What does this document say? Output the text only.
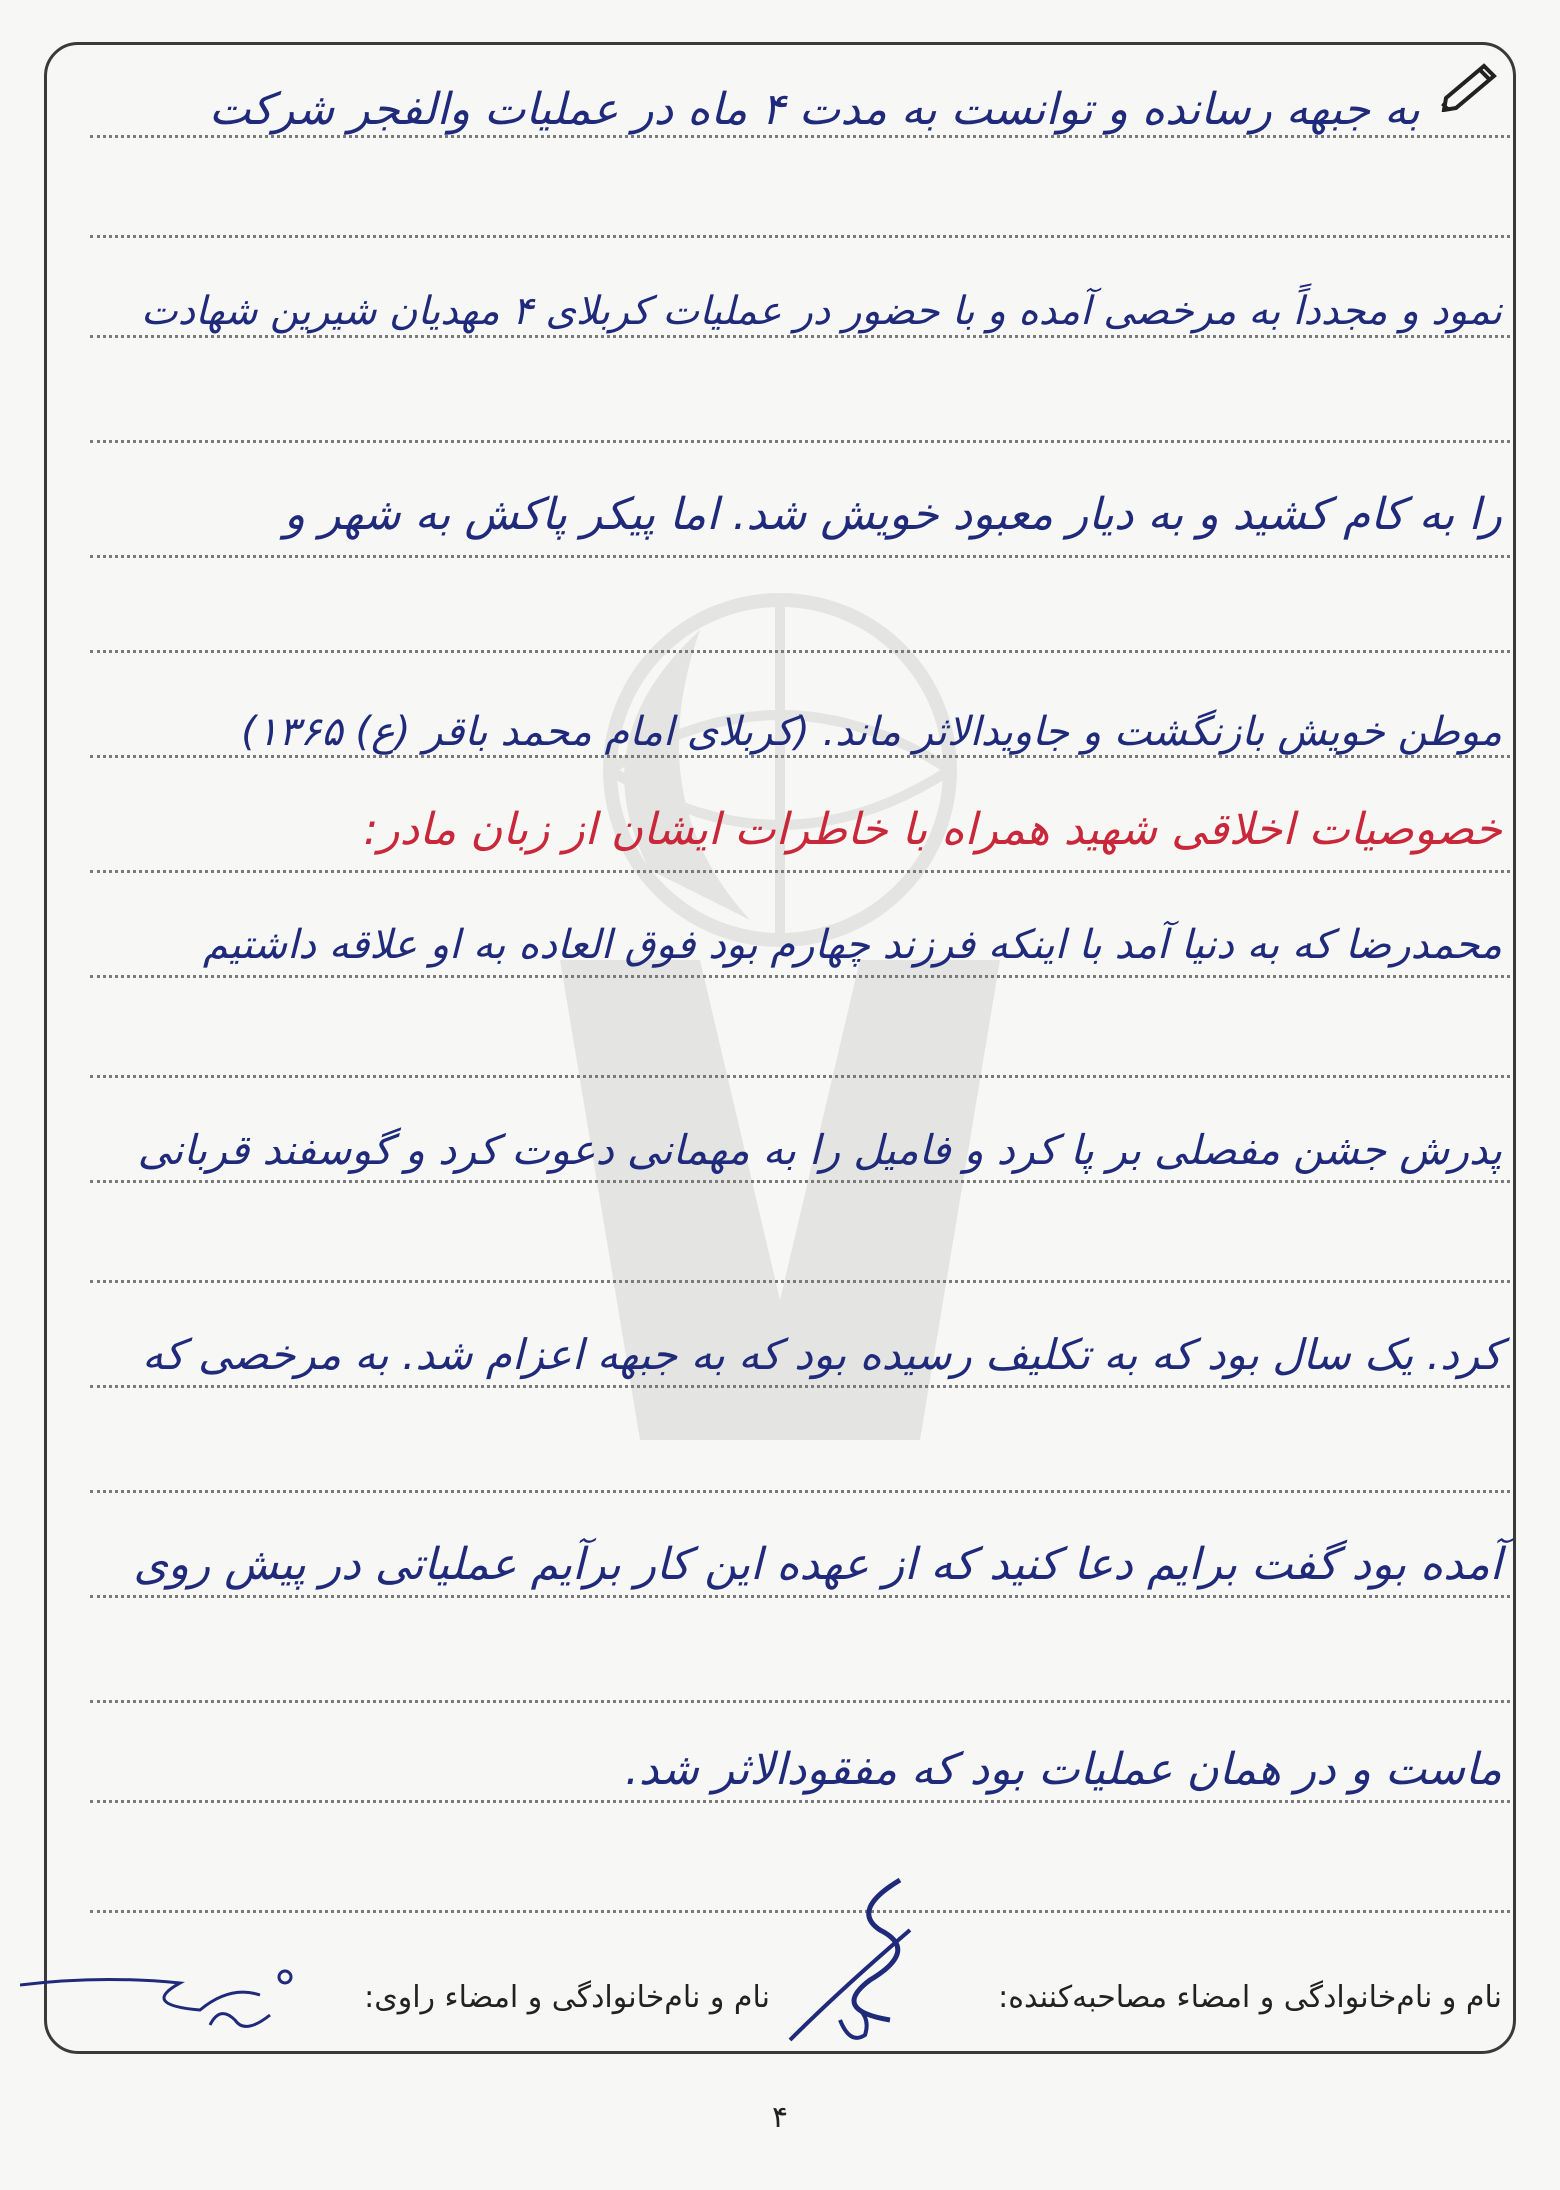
به جبهه رسانده و توانست به مدت ۴ ماه در عملیات والفجر شرکت
نمود و مجدداً به مرخصی آمده و با حضور در عملیات کربلای ۴ مهدیان شیرین شهادت
را به کام کشید و به دیار معبود خویش شد. اما پیکر پاکش به شهر و
موطن خویش بازنگشت و جاویدالاثر ماند. (کربلای امام محمد باقر (ع) ۱۳۶۵)
خصوصیات اخلاقی شهید همراه با خاطرات ایشان از زبان مادر:
محمدرضا که به دنیا آمد با اینکه فرزند چهارم بود فوق العاده به او علاقه داشتیم
پدرش جشن مفصلی بر پا کرد و فامیل را به مهمانی دعوت کرد و گوسفند قربانی
کرد. یک سال بود که به تکلیف رسیده بود که به جبهه اعزام شد. به مرخصی که
آمده بود گفت برایم دعا کنید که از عهده این کار برآیم عملیاتی در پیش روی
ماست و در همان عملیات بود که مفقودالاثر شد.
نام و نام‌خانوادگی و امضاء مصاحبه‌کننده:
نام و نام‌خانوادگی و امضاء راوی:
۴
